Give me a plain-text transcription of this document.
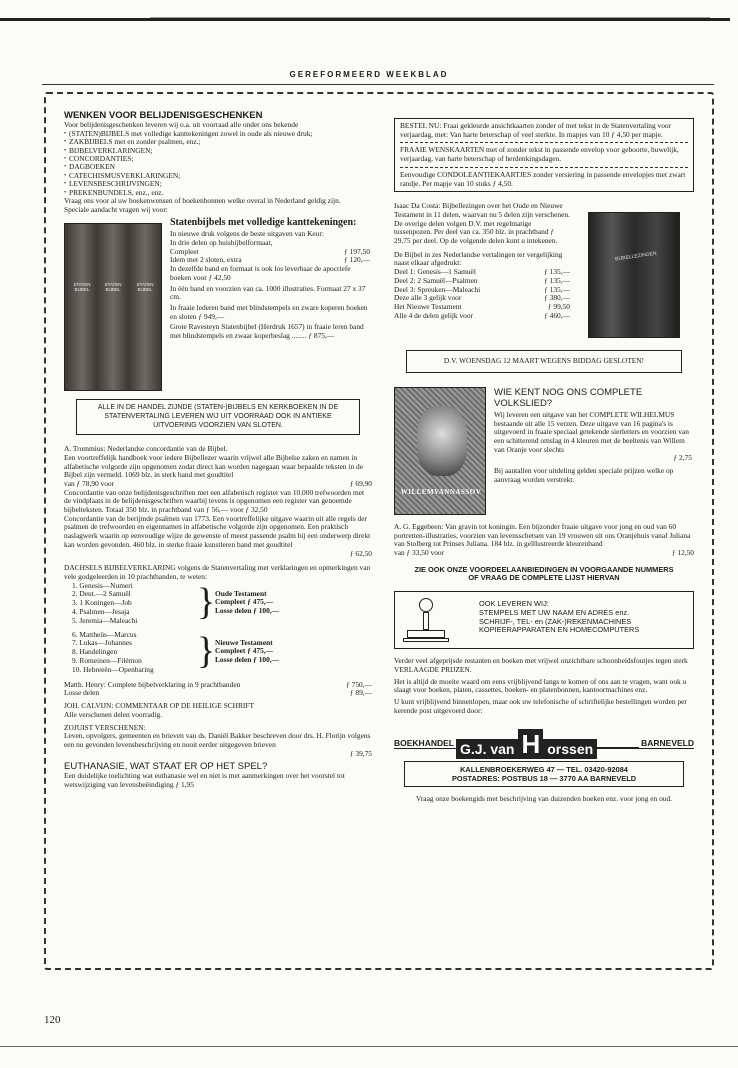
GEREFORMEERD WEEKBLAD
WENKEN VOOR BELIJDENISGESCHENKEN
Voor belijdenisgeschenken leveren wij o.a. uit voorraad alle onder ons bekende
• (STATEN)BIJBELS met volledige kanttekeningen zowel in oude als nieuwe druk;
• ZAKBIJBELS met en zonder psalmen, enz.;
• BIJBELVERKLARINGEN;
• CONCORDANTIES;
• DAGBOEKEN
• CATECHISMUSVERKLARINGEN;
• LEVENSBESCHRIJVINGEN;
• PREKENBUNDELS, enz., enz.
Vraag ons voor al uw boekenwensen of boekenbonnen welke overal in Nederland geldig zijn.
Speciale aandacht vragen wij voor:
STATEN BIJBEL
STATEN BIJBEL
STATEN BIJBEL
Statenbijbels met volledige kanttekeningen:
In nieuwe druk volgens de beste uitgaven van Keur:
In drie delen op huisbijbelformaat,
Compleet	ƒ 197,50
Idem met 2 sloten, extra	ƒ 120,—
In dezelfde band en formaat is ook los leverbaar de apocriefe boeken voor ƒ 42,50
In één band en voorzien van ca. 1000 illustraties. Formaat 27 x 37 cm.
In fraaie lederen band met blindstempels en zware koperen hoeken en sloten ƒ 949,—
Grote Ravesteyn Statenbijbel (Herdruk 1657) in fraaie leren band met blindstempels en zwaar koperbeslag ........ ƒ 875,—
ALLE IN DE HANDEL ZIJNDE (STATEN-)BIJBELS EN KERKBOEKEN IN DE STATENVERTALING LEVEREN WIJ UIT VOORRAAD OOK IN ANTIEKE UITVOERING VOORZIEN VAN SLOTEN.
A. Trommius: Nederlandse concordantie van de Bijbel.
Een voortreffelijk handboek voor iedere Bijbellezer waarin vrijwel alle Bijbelse zaken en namen in alfabetische volgorde zijn opgenomen zodat direct kan worden nagegaan waar bepaalde teksten in de Bijbel zijn vermeld. 1069 blz. in sterk band met goudtitel
van ƒ 78,90 voor	ƒ 69,90
Concordantie van onze belijdenisgeschriften met een alfabetisch register van 10.000 trefwoorden met de vindplaats in de belijdenisgeschriften waarbij tevens is opgenomen een register van genoemde bijbelteksten. Totaal 350 blz. in prachtband van ƒ 56,— voor ƒ 32,50
Concordantie van de berijmde psalmen van 1773. Een voortreffelijke uitgave waarin uit alle regels der psalmen de trefwoorden en eigennamen in alfabetische volgorde zijn opgenomen. Een praktisch naslagwerk waarin op eenvoudige wijze de gewenste of meest passende psalm bij een onderwerp direkt kan worden gevonden. 460 blz. in sterke fraaie kunstleren band met goudtitel
ƒ 62,50
DACHSELS BIJBELVERKLARING volgens de Statenvertaling met verklaringen en opmerkingen van vele godgeleerden in 10 prachtbanden, te weten:
1. Genesis—Numeri
2. Deut.—2 Samuël
3. 1 Koningen—Job
4. Psalmen—Jesaja
5. Jeremia—Maleachi	} Oude Testament
Compleet ƒ 475,—
Losse delen ƒ 100,—
6. Mattheüs—Marcus
7. Lukas—Johannes
8. Handelingen
9. Romeinen—Filémon
10. Hebreeën—Openbaring	} Nieuwe Testament
Compleet ƒ 475,—
Losse delen ƒ 100,—
Matth. Henry: Complete bijbelverklaring in 9 prachtbanden	ƒ 750,—
Losse delen	ƒ 89,—
JOH. CALVIJN: COMMENTAAR OP DE HEILIGE SCHRIFT
Alle verschenen delen voorradig.
ZOJUIST VERSCHENEN:
Leven, opvolgers, gemeenten en brieven van ds. Daniël Bakker beschreven door drs. H. Florijn volgens een nu gevonden levensbeschrijving en nooit eerder uitgegeven brieven
ƒ 39,75
EUTHANASIE, WAT STAAT ER OP HET SPEL?
Een duidelijke toelichting wat euthanasie wel en niet is met aanmerkingen over het voorstel tot wetswijziging van levensbeëindiging ƒ 1,95
BESTEL NU: Fraai gekleurde ansichtkaarten zonder of met tekst in de Statenvertaling voor verjaardag, met: Van harte beterschap of veel sterkte. In mapjes van 10 ƒ 4,50 per mapje.
FRAAIE WENSKAARTEN met of zonder tekst in passende envelop voor geboorte, huwelijk, verjaardag, van harte beterschap of herdenkingsdagen.
Eenvoudige CONDOLEANTIEKAARTJES zonder versiering in passende envelopjes met zwart randje. Per mapje van 10 stuks ƒ 4,50.
Isaac Da Costa: Bijbellezingen over het Oude en Nieuwe Testament in 11 delen, waarvan nu 5 delen zijn verschenen. De overige delen volgen D.V. met regelmatige tussenpozen. Per deel van ca. 350 blz. in prachtband ƒ 29,75 per deel. Op de volgende delen kunt u intekenen.
De Bijbel in zes Nederlandse vertalingen ter vergelijking naast elkaar afgedrukt:
Deel 1: Genesis—1 Samuël	ƒ 135,—
Deel 2: 2 Samuël—Psalmen	ƒ 135,—
Deel 3: Spreuken—Maleachi	ƒ 135,—
Deze alle 3 gelijk voor	ƒ 380,—
Het Nieuwe Testament	ƒ 99,50
Alle 4 de delen gelijk voor	ƒ 460,—
BIJBELLEZINGEN
D.V. WOENSDAG 12 MAART WEGENS BIDDAG GESLOTEN!
WILLEMVANNASSOV
WIE KENT NOG ONS COMPLETE VOLKSLIED?
Wij leveren een uitgave van het COMPLETE WILHELMUS bestaande uit alle 15 verzen. Deze uitgave van 16 pagina's is uitgevoerd in fraaie speciaal getekende sierletters en voorzien van een schitterend omslag in 4 kleuren met de beeltenis van Willem van Oranje voor slechts
ƒ 2,75
Bij aantallen voor uitdeling gelden speciale prijzen welke op aanvraag worden verstrekt.
A. G. Eggebeen: Van gravin tot koningin. Een bijzonder fraaie uitgave voor jong en oud van 60 portretten-illustraties, voorzien van levensschetsen van 19 vrouwen uit ons Oranjehuis vanaf Juliana van Stolberg tot Prinses Juliana. 184 blz. in geïllustreerde kleurenband
van ƒ 33,50 voor	ƒ 12,50
ZIE OOK ONZE VOORDEELAANBIEDINGEN IN VOORGAANDE NUMMERS OF VRAAG DE COMPLETE LIJST HIERVAN
OOK LEVEREN WIJ:
STEMPELS MET UW NAAM EN ADRES enz.
SCHRIJF-, TEL- en (ZAK-)REKENMACHINES
KOPIEERAPPARATEN EN HOMECOMPUTERS
Verder veel afgeprijsde restanten en boeken met vrijwel onzichtbare schoonheidsfoutjes tegen sterk VERLAAGDE PRIJZEN.
Het is altijd de moeite waard om eens vrijblijvend langs te komen of ons aan te vragen, want ook u slaagt voor boeken, platen, cassettes, boeken- en platenbonnen, kantoormachines enz.
U kunt vrijblijvend binnenlopen, maar ook uw telefonische of schriftelijke bestellingen worden per kerende post uitgevoerd door:
BOEKHANDEL G.J. van H orssen	BARNEVELD
KALLENBROEKERWEG 47 — TEL. 03420-92084
POSTADRES: POSTBUS 18 — 3770 AA BARNEVELD
Vraag onze boekengids met beschrijving van duizenden boeken enz. voor jong en oud.
120
